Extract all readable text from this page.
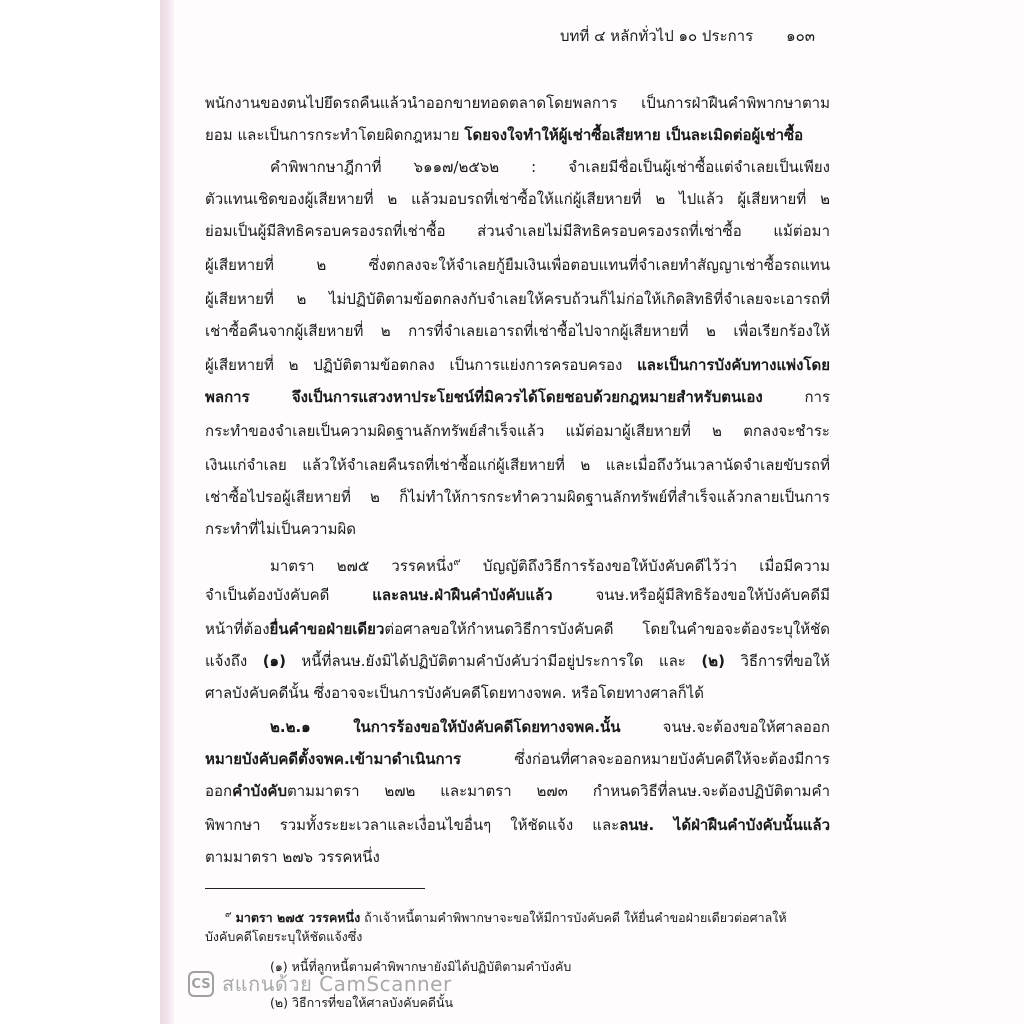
บทที่ ๔ หลักทั่วไป ๑๐ ประการ ๑๐๓
พนักงานของตนไปยึดรถคืนแล้วนำออกขายทอดตลาดโดยพลการ เป็นการฝ่าฝืนคำพิพากษาตาม
ยอม และเป็นการกระทำโดยผิดกฎหมาย โดยจงใจทำให้ผู้เช่าซื้อเสียหาย เป็นละเมิดต่อผู้เช่าซื้อ
คำพิพากษาฎีกาที่ ๖๑๑๗/๒๕๖๒ : จำเลยมีชื่อเป็นผู้เช่าซื้อแต่จำเลยเป็นเพียง
ตัวแทนเชิดของผู้เสียหายที่ ๒ แล้วมอบรถที่เช่าซื้อให้แก่ผู้เสียหายที่ ๒ ไปแล้ว ผู้เสียหายที่ ๒
ย่อมเป็นผู้มีสิทธิครอบครองรถที่เช่าซื้อ ส่วนจำเลยไม่มีสิทธิครอบครองรถที่เช่าซื้อ แม้ต่อมา
ผู้เสียหายที่ ๒ ซึ่งตกลงจะให้จำเลยกู้ยืมเงินเพื่อตอบแทนที่จำเลยทำสัญญาเช่าซื้อรถแทน
ผู้เสียหายที่ ๒ ไม่ปฏิบัติตามข้อตกลงกับจำเลยให้ครบถ้วนก็ไม่ก่อให้เกิดสิทธิที่จำเลยจะเอารถที่
เช่าซื้อคืนจากผู้เสียหายที่ ๒ การที่จำเลยเอารถที่เช่าซื้อไปจากผู้เสียหายที่ ๒ เพื่อเรียกร้องให้
ผู้เสียหายที่ ๒ ปฏิบัติตามข้อตกลง เป็นการแย่งการครอบครอง และเป็นการบังคับทางแพ่งโดย
พลการ จึงเป็นการแสวงหาประโยชน์ที่มิควรได้โดยชอบด้วยกฎหมายสำหรับตนเอง	การ
กระทำของจำเลยเป็นความผิดฐานลักทรัพย์สำเร็จแล้ว แม้ต่อมาผู้เสียหายที่ ๒ ตกลงจะชำระ
เงินแก่จำเลย แล้วให้จำเลยคืนรถที่เช่าซื้อแก่ผู้เสียหายที่ ๒ และเมื่อถึงวันเวลานัดจำเลยขับรถที่
เช่าซื้อไปรอผู้เสียหายที่ ๒ ก็ไม่ทำให้การกระทำความผิดฐานลักทรัพย์ที่สำเร็จแล้วกลายเป็นการ
กระทำที่ไม่เป็นความผิด
มาตรา ๒๗๕ วรรคหนึ่ง$^๙$ บัญญัติถึงวิธีการร้องขอให้บังคับคดีไว้ว่า เมื่อมีความ
จำเป็นต้องบังคับคดี	และลนษ.ฝ่าฝืนคำบังคับแล้ว	จนษ.หรือผู้มีสิทธิร้องขอให้บังคับคดีมี
หน้าที่ต้องยื่นคำขอฝ่ายเดียวต่อศาลขอให้กำหนดวิธีการบังคับคดี โดยในคำขอจะต้องระบุให้ชัด
แจ้งถึง (๑) หนี้ที่ลนษ.ยังมิได้ปฏิบัติตามคำบังคับว่ามีอยู่ประการใด และ (๒) วิธีการที่ขอให้
ศาลบังคับคดีนั้น ซึ่งอาจจะเป็นการบังคับคดีโดยทางจพค. หรือโดยทางศาลก็ได้
๒.๒.๑ ในการร้องขอให้บังคับคดีโดยทางจพค.นั้น	จนษ.จะต้องขอให้ศาลออก
หมายบังคับคดีตั้งจพค.เข้ามาดำเนินการ	ซึ่งก่อนที่ศาลจะออกหมายบังคับคดีให้จะต้องมีการ
ออกคำบังคับตามมาตรา ๒๗๒ และมาตรา ๒๗๓ กำหนดวิธีที่ลนษ.จะต้องปฏิบัติตามคำ
พิพากษา รวมทั้งระยะเวลาและเงื่อนไขอื่นๆ ให้ชัดแจ้ง และลนษ. ได้ฝ่าฝืนคำบังคับนั้นแล้ว
ตามมาตรา ๒๗๖ วรรคหนึ่ง
$^๙$ มาตรา ๒๗๕ วรรคหนึ่ง ถ้าเจ้าหนี้ตามคำพิพากษาจะขอให้มีการบังคับคดี ให้ยื่นคำขอฝ่ายเดียวต่อศาลให้
บังคับคดีโดยระบุให้ชัดแจ้งซึ่ง
(๑) หนี้ที่ลูกหนี้ตามคำพิพากษายังมิได้ปฏิบัติตามคำบังคับ
(๒) วิธีการที่ขอให้ศาลบังคับคดีนั้น
CS สแกนด้วย CamScanner
